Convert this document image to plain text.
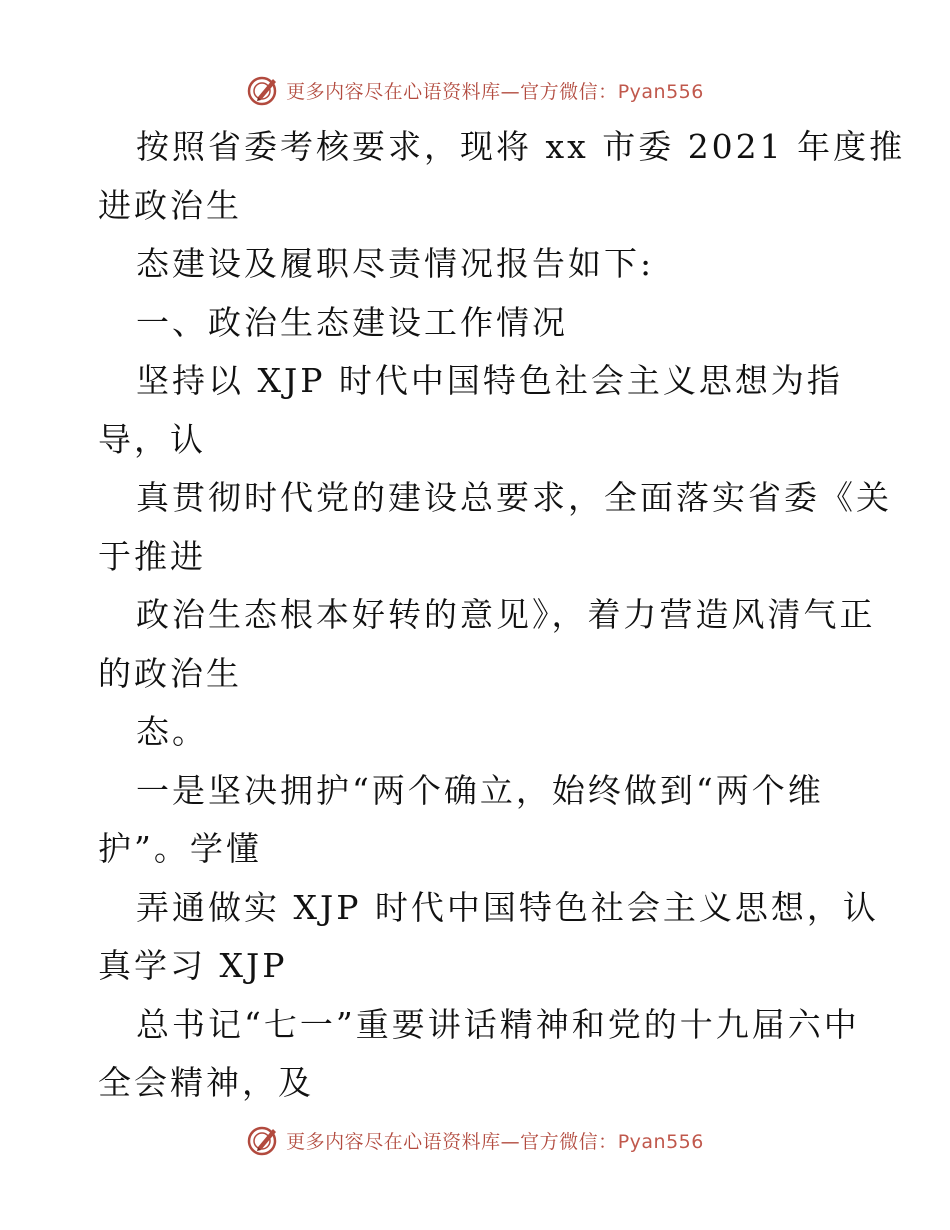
更多内容尽在心语资料库—官方微信：Pyan556
按照省委考核要求，现将 xx 市委 2021 年度推
进政治生
态建设及履职尽责情况报告如下:
一、政治生态建设工作情况
坚持以 XJP 时代中国特色社会主义思想为指
导，认
真贯彻时代党的建设总要求，全面落实省委《关
于推进
政治生态根本好转的意见》，着力营造风清气正
的政治生
态。
一是坚决拥护“两个确立，始终做到“两个维
护”。学懂
弄通做实 XJP 时代中国特色社会主义思想，认
真学习 XJP
总书记“七一”重要讲话精神和党的十九届六中
全会精神，及
更多内容尽在心语资料库—官方微信：Pyan556
